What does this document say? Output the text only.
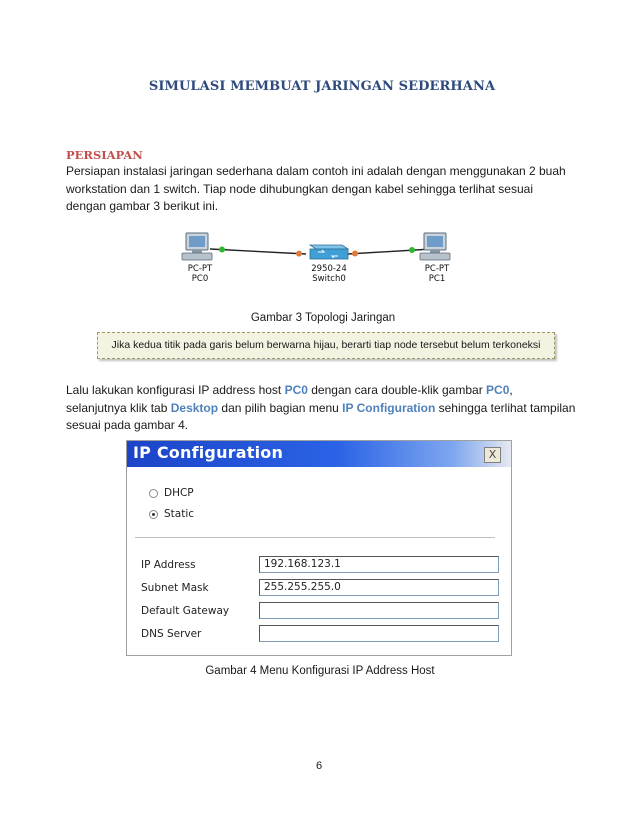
SIMULASI MEMBUAT JARINGAN SEDERHANA
PERSIAPAN
Persiapan instalasi jaringan sederhana dalam contoh ini adalah dengan menggunakan 2 buah workstation dan 1 switch. Tiap node dihubungkan dengan kabel sehingga terlihat sesuai dengan gambar 3 berikut ini.
PC-PT
PC0
2950-24
Switch0
PC-PT
PC1
Gambar 3 Topologi Jaringan
Jika kedua titik pada garis belum berwarna hijau, berarti tiap node tersebut belum terkoneksi
Lalu lakukan konfigurasi IP address host PC0 dengan cara double-klik gambar PC0, selanjutnya klik tab Desktop dan pilih bagian menu IP Configuration sehingga terlihat tampilan sesuai pada gambar 4.
IP Configuration	X
DHCP
Static
IP Address	192.168.123.1
Subnet Mask	255.255.255.0
Default Gateway
DNS Server
Gambar 4 Menu Konfigurasi IP Address Host
6
